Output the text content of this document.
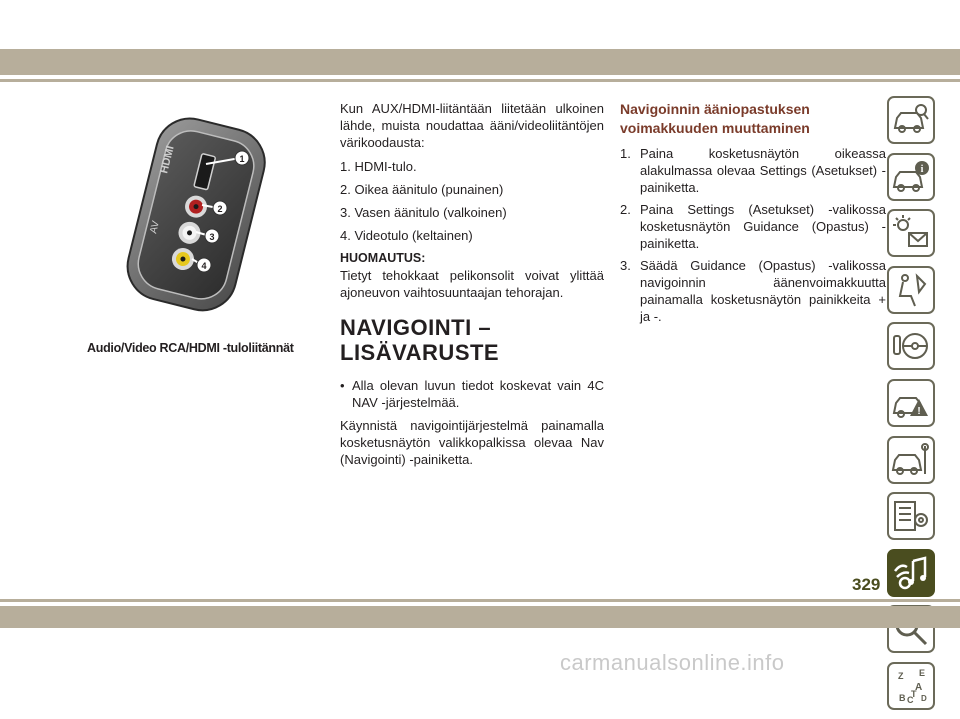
HDMI
AV
1
2
3
4
Audio/Video RCA/HDMI -tuloliitännät

Kun AUX/HDMI-liitäntään liitetään ulkoinen lähde, muista noudattaa ääni/videoliitäntöjen värikoodausta:

1. HDMI-tulo.

2. Oikea äänitulo (punainen)

3. Vasen äänitulo (valkoinen)

4. Videotulo (keltainen)

HUOMAUTUS:

Tietyt tehokkaat pelikonsolit voivat ylittää ajoneuvon vaihtosuuntaajan tehorajan.

NAVIGOINTI –
LISÄVARUSTE
• Alla olevan luvun tiedot koskevat vain 4C NAV -järjestelmää.

Käynnistä navigointijärjestelmä painamalla kosketusnäytön valikkopalkissa olevaa Nav (Navigointi) -painiketta.

Navigoinnin ääniopastuksen voimakkuuden muuttaminen
1. Paina kosketusnäytön oikeassa alakulmassa olevaa Settings (Asetukset) -painiketta.
2. Paina Settings (Asetukset) -valikossa kosketusnäytön Guidance (Opastus) -painiketta.
3. Säädä Guidance (Opastus) -valikossa navigoinnin äänenvoimakkuutta painamalla kosketusnäytön painikkeita + ja -.
i
!
Z E
A
B C D
T
329
carmanualsonline.info
